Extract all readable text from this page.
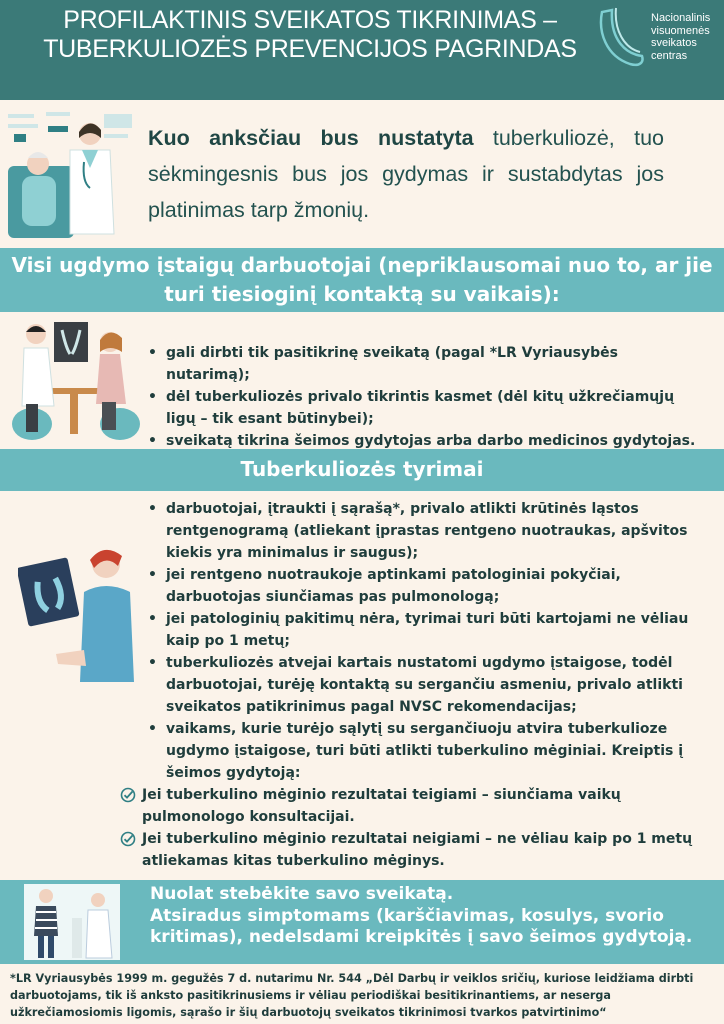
PROFILAKTINIS SVEIKATOS TIKRINIMAS – TUBERKULIOZĖS PREVENCIJOS PAGRINDAS
Nacionalinis
visuomenės
sveikatos
centras
Kuo anksčiau bus nustatyta tuberkuliozė, tuo sėkmingesnis bus jos gydymas ir sustabdytas jos platinimas tarp žmonių.
Visi ugdymo įstaigų darbuotojai (nepriklausomai nuo to, ar jie turi tiesioginį kontaktą su vaikais):
• gali dirbti tik pasitikrinę sveikatą (pagal *LR Vyriausybės nutarimą);
• dėl tuberkuliozės privalo tikrintis kasmet (dėl kitų užkrečiamųjų ligų – tik esant būtinybei);
• sveikatą tikrina šeimos gydytojas arba darbo medicinos gydytojas.
Tuberkuliozės tyrimai
• darbuotojai, įtraukti į sąrašą*, privalo atlikti krūtinės ląstos rentgenogramą (atliekant įprastas rentgeno nuotraukas, apšvitos kiekis yra minimalus ir saugus);
• jei rentgeno nuotraukoje aptinkami patologiniai pokyčiai, darbuotojas siunčiamas pas pulmonologą;
• jei patologinių pakitimų nėra, tyrimai turi būti kartojami ne vėliau kaip po 1 metų;
• tuberkuliozės atvejai kartais nustatomi ugdymo įstaigose, todėl darbuotojai, turėję kontaktą su sergančiu asmeniu, privalo atlikti sveikatos patikrinimus pagal NVSC rekomendacijas;
• vaikams, kurie turėjo sąlytį su sergančiuoju atvira tuberkulioze ugdymo įstaigose, turi būti atlikti tuberkulino mėginiai. Kreiptis į šeimos gydytoją:
Jei tuberkulino mėginio rezultatai teigiami – siunčiama vaikų pulmonologo konsultacijai.
Jei tuberkulino mėginio rezultatai neigiami – ne vėliau kaip po 1 metų atliekamas kitas tuberkulino mėginys.
Nuolat stebėkite savo sveikatą.
Atsiradus simptomams (karščiavimas, kosulys, svorio kritimas), nedelsdami kreipkitės į savo šeimos gydytoją.
*LR Vyriausybės 1999 m. gegužės 7 d. nutarimu Nr. 544 „Dėl Darbų ir veiklos sričių, kuriose leidžiama dirbti darbuotojams, tik iš anksto pasitikrinusiems ir vėliau periodiškai besitikrinantiems, ar neserga užkrečiamosiomis ligomis, sąrašo ir šių darbuotojų sveikatos tikrinimosi tvarkos patvirtinimo“
